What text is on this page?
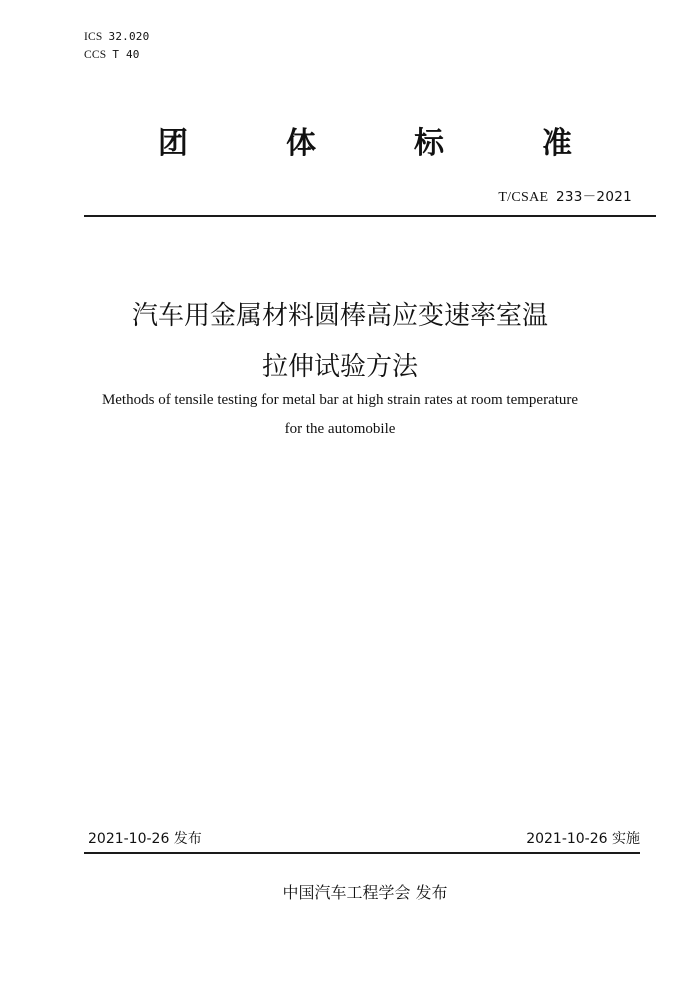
ICS 32.020
CCS T 40
团	体	标	准
T/CSAE 233－2021
汽车用金属材料圆棒高应变速率室温
拉伸试验方法
Methods of tensile testing for metal bar at high strain rates at room temperature
for the automobile
2021-10-26 发布	2021-10-26 实施
中国汽车工程学会 发布
